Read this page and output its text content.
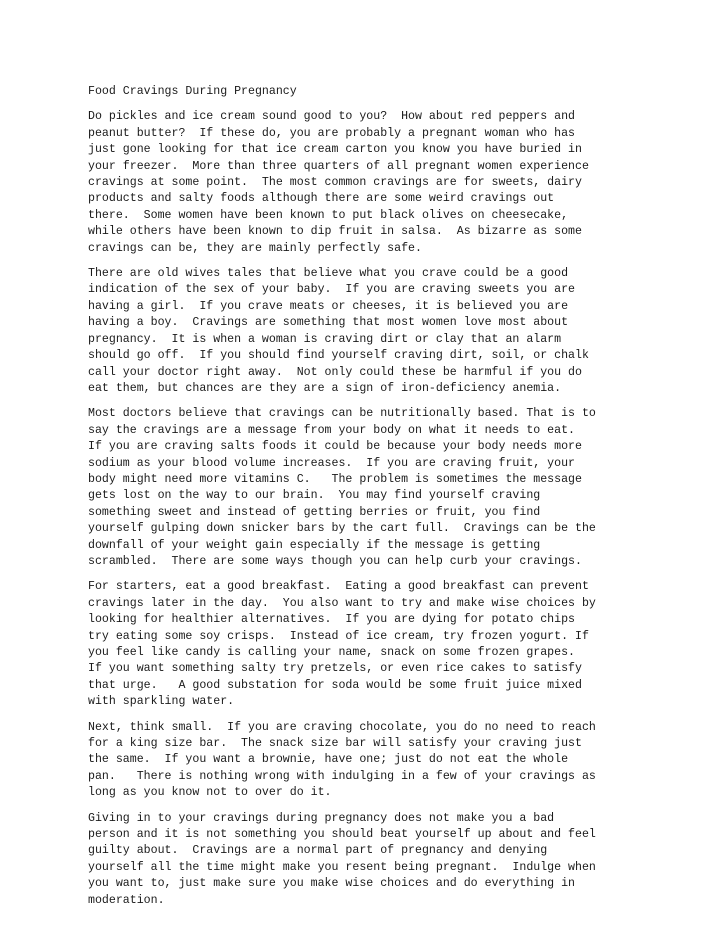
Food Cravings During Pregnancy
Do pickles and ice cream sound good to you?  How about red peppers and
peanut butter?  If these do, you are probably a pregnant woman who has
just gone looking for that ice cream carton you know you have buried in
your freezer.  More than three quarters of all pregnant women experience
cravings at some point.  The most common cravings are for sweets, dairy
products and salty foods although there are some weird cravings out
there.  Some women have been known to put black olives on cheesecake,
while others have been known to dip fruit in salsa.  As bizarre as some
cravings can be, they are mainly perfectly safe.
There are old wives tales that believe what you crave could be a good
indication of the sex of your baby.  If you are craving sweets you are
having a girl.  If you crave meats or cheeses, it is believed you are
having a boy.  Cravings are something that most women love most about
pregnancy.  It is when a woman is craving dirt or clay that an alarm
should go off.  If you should find yourself craving dirt, soil, or chalk
call your doctor right away.  Not only could these be harmful if you do
eat them, but chances are they are a sign of iron-deficiency anemia.
Most doctors believe that cravings can be nutritionally based. That is to
say the cravings are a message from your body on what it needs to eat.
If you are craving salts foods it could be because your body needs more
sodium as your blood volume increases.  If you are craving fruit, your
body might need more vitamins C.   The problem is sometimes the message
gets lost on the way to our brain.  You may find yourself craving
something sweet and instead of getting berries or fruit, you find
yourself gulping down snicker bars by the cart full.  Cravings can be the
downfall of your weight gain especially if the message is getting
scrambled.  There are some ways though you can help curb your cravings.
For starters, eat a good breakfast.  Eating a good breakfast can prevent
cravings later in the day.  You also want to try and make wise choices by
looking for healthier alternatives.  If you are dying for potato chips
try eating some soy crisps.  Instead of ice cream, try frozen yogurt. If
you feel like candy is calling your name, snack on some frozen grapes.
If you want something salty try pretzels, or even rice cakes to satisfy
that urge.   A good substation for soda would be some fruit juice mixed
with sparkling water.
Next, think small.  If you are craving chocolate, you do no need to reach
for a king size bar.  The snack size bar will satisfy your craving just
the same.  If you want a brownie, have one; just do not eat the whole
pan.   There is nothing wrong with indulging in a few of your cravings as
long as you know not to over do it.
Giving in to your cravings during pregnancy does not make you a bad
person and it is not something you should beat yourself up about and feel
guilty about.  Cravings are a normal part of pregnancy and denying
yourself all the time might make you resent being pregnant.  Indulge when
you want to, just make sure you make wise choices and do everything in
moderation.
